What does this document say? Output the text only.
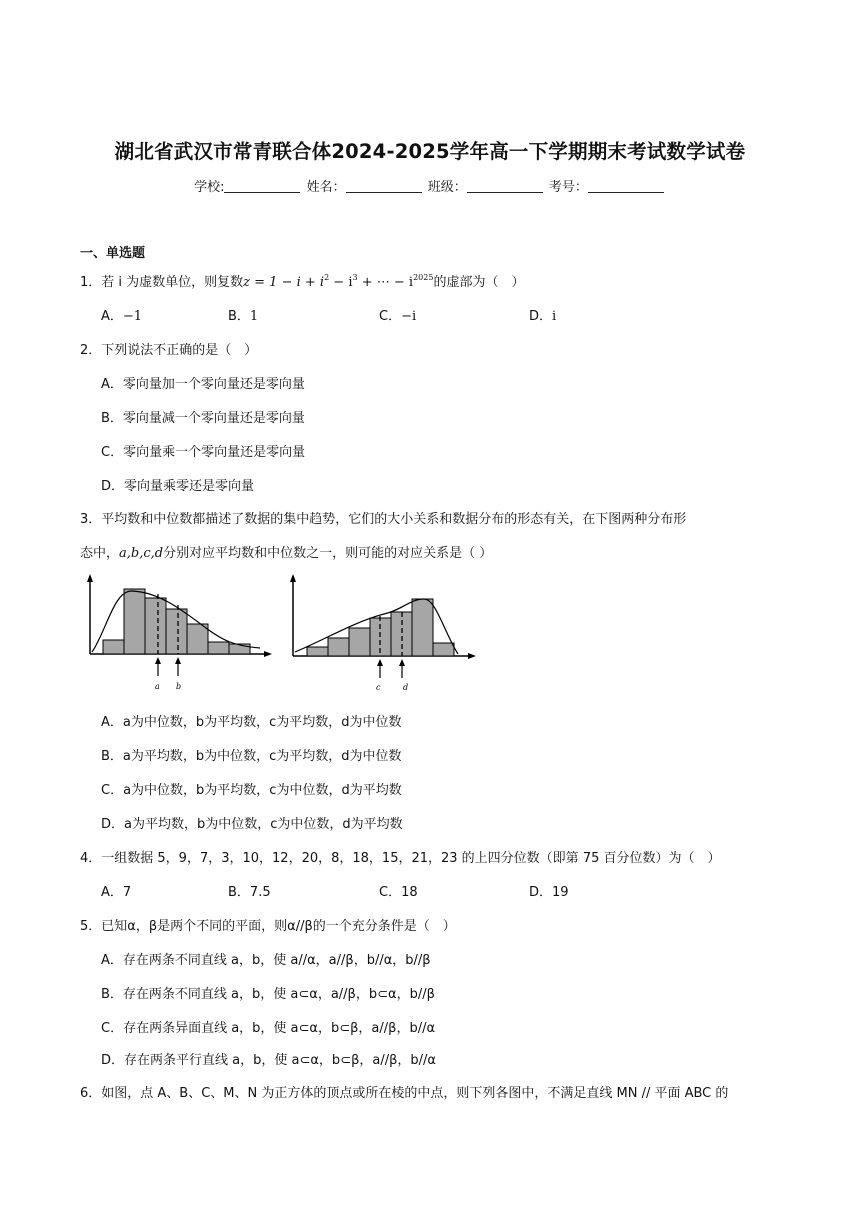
湖北省武汉市常青联合体2024-2025学年高一下学期期末考试数学试卷
学校:	姓名：	班级：	考号：
一、单选题
1．若 i 为虚数单位，则复数$z = 1 - i + i^2 - i^3$ + ⋯ − $i^{2025}$的虚部为（　）
A．−1	B．1	C．−i	D．i
2．下列说法不正确的是（　）
A．零向量加一个零向量还是零向量
B．零向量减一个零向量还是零向量
C．零向量乘一个零向量还是零向量
D．零向量乘零还是零向量
3．平均数和中位数都描述了数据的集中趋势，它们的大小关系和数据分布的形态有关，在下图两种分布形
态中，a,b,c,d分别对应平均数和中位数之一，则可能的对应关系是（ ）
a b	c	d
A．a为中位数，b为平均数，c为平均数，d为中位数
B．a为平均数，b为中位数，c为平均数，d为中位数
C．a为中位数，b为平均数，c为中位数，d为平均数
D．a为平均数，b为中位数，c为中位数，d为平均数
4．一组数据 5，9，7，3，10，12，20，8，18，15，21，23 的上四分位数（即第 75 百分位数）为（　）
A．7	B．7.5	C．18	D．19
5．已知α，β是两个不同的平面，则α//β的一个充分条件是（　）
A．存在两条不同直线 a，b，使 a//α，a//β，b//α，b//β
B．存在两条不同直线 a，b，使 a⊂α，a//β，b⊂α，b//β
C．存在两条异面直线 a，b，使 a⊂α，b⊂β，a//β，b//α
D．存在两条平行直线 a，b，使 a⊂α，b⊂β，a//β，b//α
6．如图，点 A、B、C、M、N 为正方体的顶点或所在棱的中点，则下列各图中，不满足直线 MN // 平面 ABC 的
